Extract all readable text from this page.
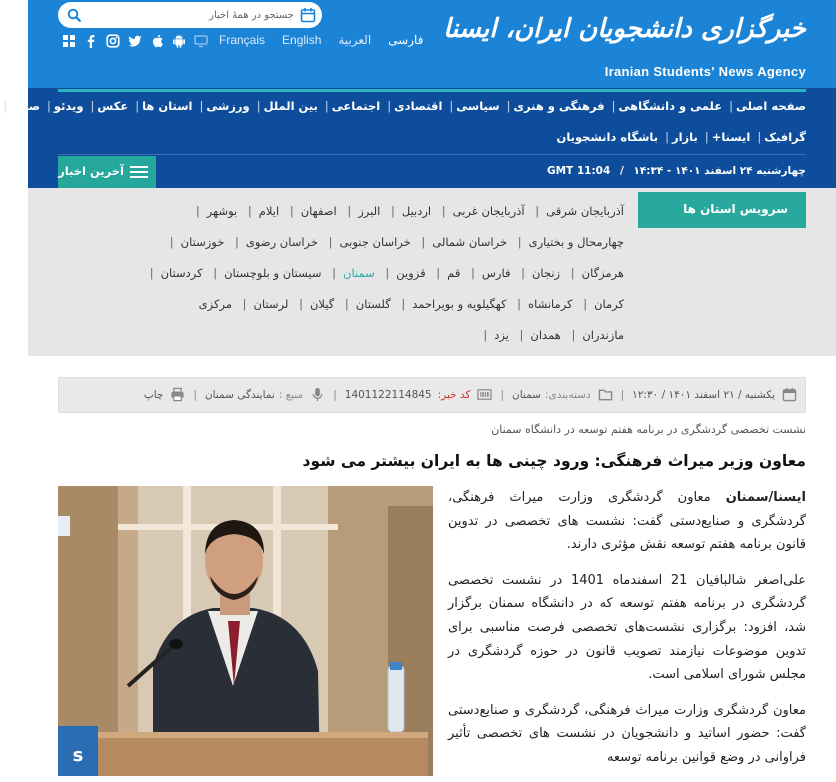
خبرگزاری دانشجویان ایران، ایسنا
Iranian Students' News Agency
جستجو در همهٔ اخبار
Français English العربية فارسی
صفحه اصلی| علمی و دانشگاهی| فرهنگی و هنری| سیاسی| اقتصادی| اجتماعی| بین الملل| ورزشی| استان ها| عکس| ویدئو| صوت|
گرافیک| ایسنا+| بازار| باشگاه دانشجویان
چهارشنبه ۲۴ اسفند ۱۴۰۱ - ۱۴:۳۴ / GMT 11:04
آخرین اخبار
سرویس استان ها
آذربایجان شرقی| آذربایجان غربی| اردبیل| البرز| اصفهان| ایلام| بوشهر|
چهارمحال و بختیاری| خراسان شمالی| خراسان جنوبی| خراسان رضوی| خوزستان|
هرمزگان| زنجان| فارس| قم| قزوین| سمنان| سیستان و بلوچستان| کردستان|
کرمان| کرمانشاه| کهگیلویه و بویراحمد| گلستان| گیلان| لرستان| مرکزی
مازندران| همدان| یزد|
یکشنبه / ۲۱ اسفند ۱۴۰۱ / ۱۲:۳۰
|
دسته‌بندی:
سمنان
|
کد خبر:
1401122114845
|
منبع :
نمایندگی سمنان
|
چاپ
نشست تخصصی گردشگری در برنامه هفتم توسعه در دانشگاه سمنان
معاون وزیر میراث فرهنگی: ورود چینی ها به ایران بیشتر می شود
s

ایسنا/سمنان معاون گردشگری وزارت میراث فرهنگی، گردشگری و صنایع‌دستی گفت: نشست های تخصصی در تدوین قانون برنامه هفتم توسعه نقش مؤثری دارند.

علی‌اصغر شالبافیان 21 اسفندماه 1401 در نشست تخصصی گردشگری در برنامه هفتم توسعه که در دانشگاه سمنان برگزار شد، افزود: برگزاری نشست‌های تخصصی فرصت مناسبی برای تدوین موضوعات نیازمند تصویب قانون در حوزه گردشگری در مجلس شورای اسلامی است.

معاون گردشگری وزارت میراث فرهنگی، گردشگری و صنایع‌دستی گفت: حضور اساتید و دانشجویان در نشست های تخصصی تأثیر فراوانی در وضع قوانین برنامه توسعه
